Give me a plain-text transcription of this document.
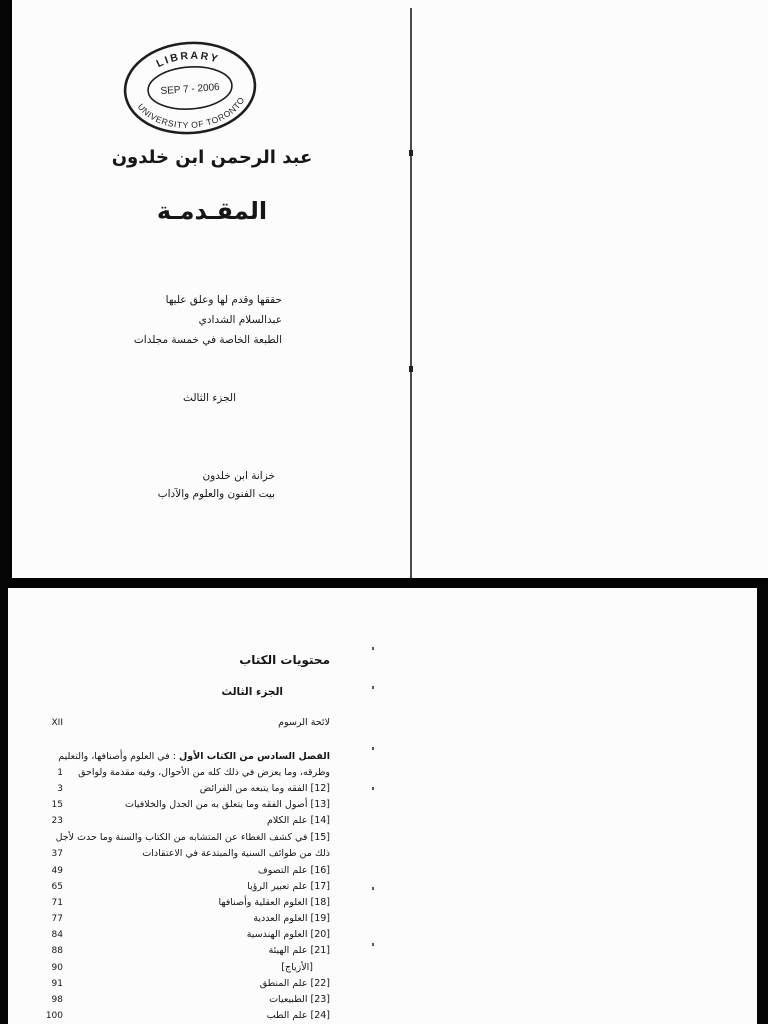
LIBRARY
UNIVERSITY OF TORONTO
SEP 7 - 2006
عبد الرحمن ابن خلدون
المقـدمـة
حققها وقدم لها وعلق عليها
عبدالسلام الشدادي
الطبعة الخاصة في خمسة مجلدات
الجزء الثالث
خزانة ابن خلدون
بيت الفنون والعلوم والآداب
محتويات الكتاب
الجزء الثالث
لائحة الرسوم
XII
الفصل السادس من الكتاب الأول : في العلوم وأصنافها، والتعليم
وطرقه، وما يعرض في ذلك كله من الأحوال، وفيه مقدمة ولواحق
1
[12] الفقه وما يتبعه من الفرائض
3
[13] أصول الفقه وما يتعلق به من الجدل والخلافيات
15
[14] علم الكلام
23
[15] في كشف الغطاء عن المتشابه من الكتاب والسنة وما حدث لأجل
ذلك من طوائف السنية والمبتدعة في الاعتقادات
37
[16] علم التصوف
49
[17] علم تعبير الرؤيا
65
[18] العلوم العقلية وأصنافها
71
[19] العلوم العددية
77
[20] العلوم الهندسية
84
[21] علم الهيئة
88
[الأزياج]
90
[22] علم المنطق
91
[23] الطبيعيات
98
[24] علم الطب
100
